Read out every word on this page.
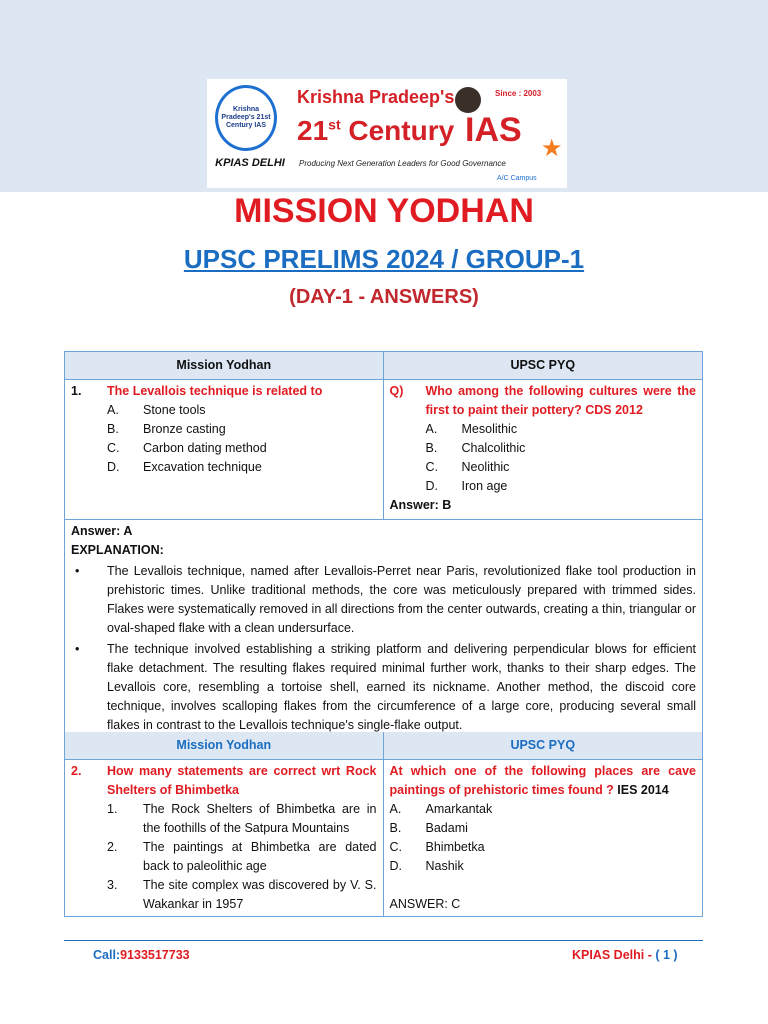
Krishna Pradeep's 21st Century IAS
KPIAS DELHI
Krishna Pradeep's	Since : 2003
21st Century IAS ★
Producing Next Generation Leaders for Good Governance
A/C Campus
MISSION YODHAN
UPSC PRELIMS 2024 / GROUP-1
(DAY-1 - ANSWERS)
Mission Yodhan	UPSC PYQ
1.	The Levallois technique is related to
A.	Stone tools
B.	Bronze casting
C.	Carbon dating method
D.	Excavation technique
Q)	Who among the following cultures were the first to paint their pottery? CDS 2012
A.	Mesolithic
B.	Chalcolithic
C.	Neolithic
D.	Iron age
Answer: B
Answer: A
EXPLANATION:
•	The Levallois technique, named after Levallois-Perret near Paris, revolutionized flake tool production in prehistoric times. Unlike traditional methods, the core was meticulously prepared with trimmed sides. Flakes were systematically removed in all directions from the center outwards, creating a thin, triangular or oval-shaped flake with a clean undersurface.
•	The technique involved establishing a striking platform and delivering perpendicular blows for efficient flake detachment. The resulting flakes required minimal further work, thanks to their sharp edges. The Levallois core, resembling a tortoise shell, earned its nickname. Another method, the discoid core technique, involves scalloping flakes from the circumference of a large core, producing several small flakes in contrast to the Levallois technique's single-flake output.
Mission Yodhan	UPSC PYQ
2.	How many statements are correct wrt Rock Shelters of Bhimbetka
1.	The Rock Shelters of Bhimbetka are in the foothills of the Satpura Mountains
2.	The paintings at Bhimbetka are dated back to paleolithic age
3.	The site complex was discovered by V. S. Wakankar in 1957
At which one of the following places are cave paintings of prehistoric times found ? IES 2014
A.	Amarkantak
B.	Badami
C.	Bhimbetka
D.	Nashik
ANSWER: C
Call:9133517733	KPIAS Delhi - ( 1 )
